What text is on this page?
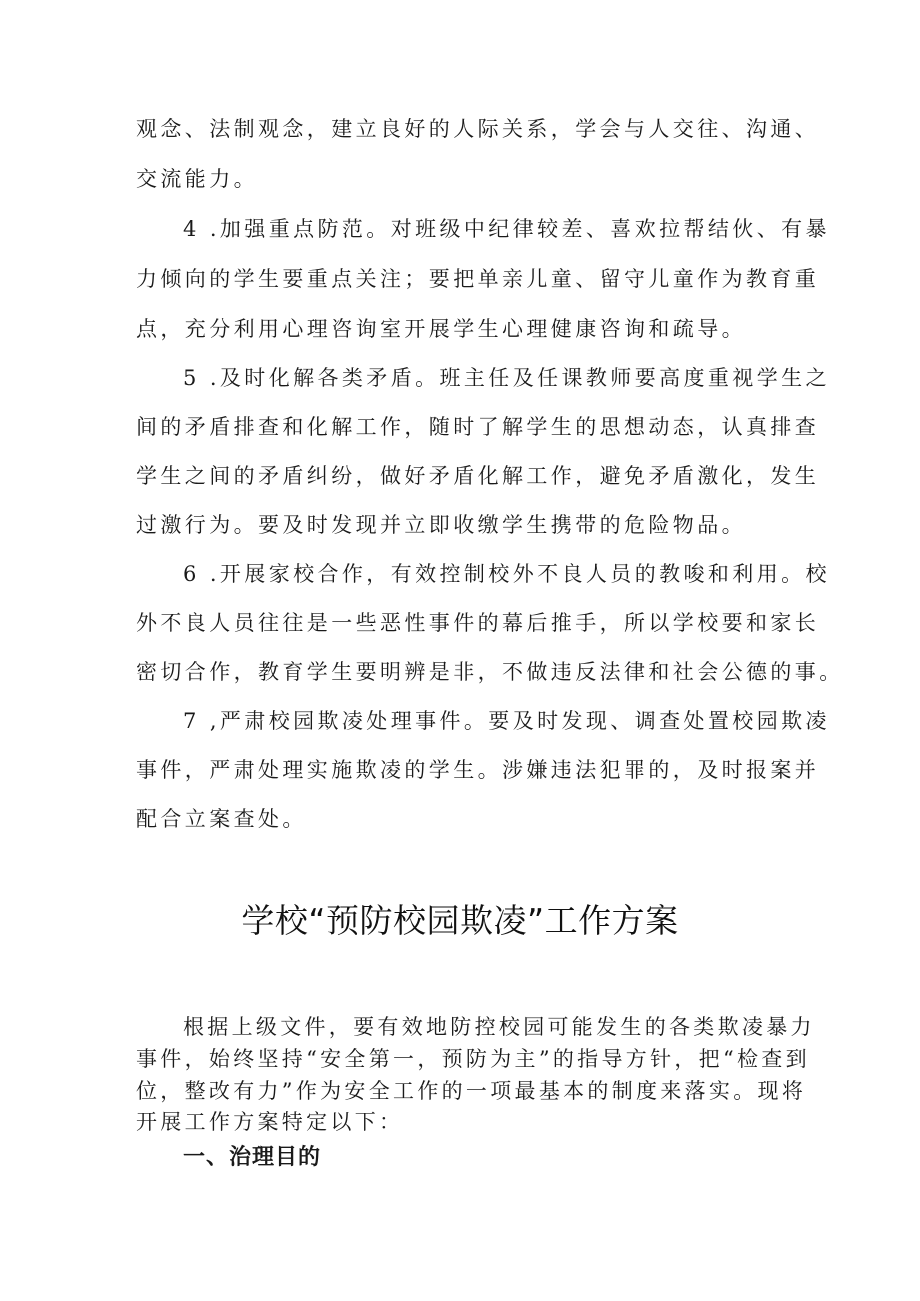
观念、法制观念，建立良好的人际关系，学会与人交往、沟通、
交流能力。
4 .加强重点防范。对班级中纪律较差、喜欢拉帮结伙、有暴
力倾向的学生要重点关注；要把单亲儿童、留守儿童作为教育重
点，充分利用心理咨询室开展学生心理健康咨询和疏导。
5 .及时化解各类矛盾。班主任及任课教师要高度重视学生之
间的矛盾排查和化解工作，随时了解学生的思想动态，认真排查
学生之间的矛盾纠纷，做好矛盾化解工作，避免矛盾激化，发生
过激行为。要及时发现并立即收缴学生携带的危险物品。
6 .开展家校合作，有效控制校外不良人员的教唆和利用。校
外不良人员往往是一些恶性事件的幕后推手，所以学校要和家长
密切合作，教育学生要明辨是非，不做违反法律和社会公德的事。
7 ,严肃校园欺凌处理事件。要及时发现、调查处置校园欺凌
事件，严肃处理实施欺凌的学生。涉嫌违法犯罪的，及时报案并
配合立案查处。
学校“预防校园欺凌”工作方案
根据上级文件，要有效地防控校园可能发生的各类欺凌暴力
事件，始终坚持“安全第一，预防为主”的指导方针，把“检查到
位，整改有力”作为安全工作的一项最基本的制度来落实。现将
开展工作方案特定以下：
一、治理目的
